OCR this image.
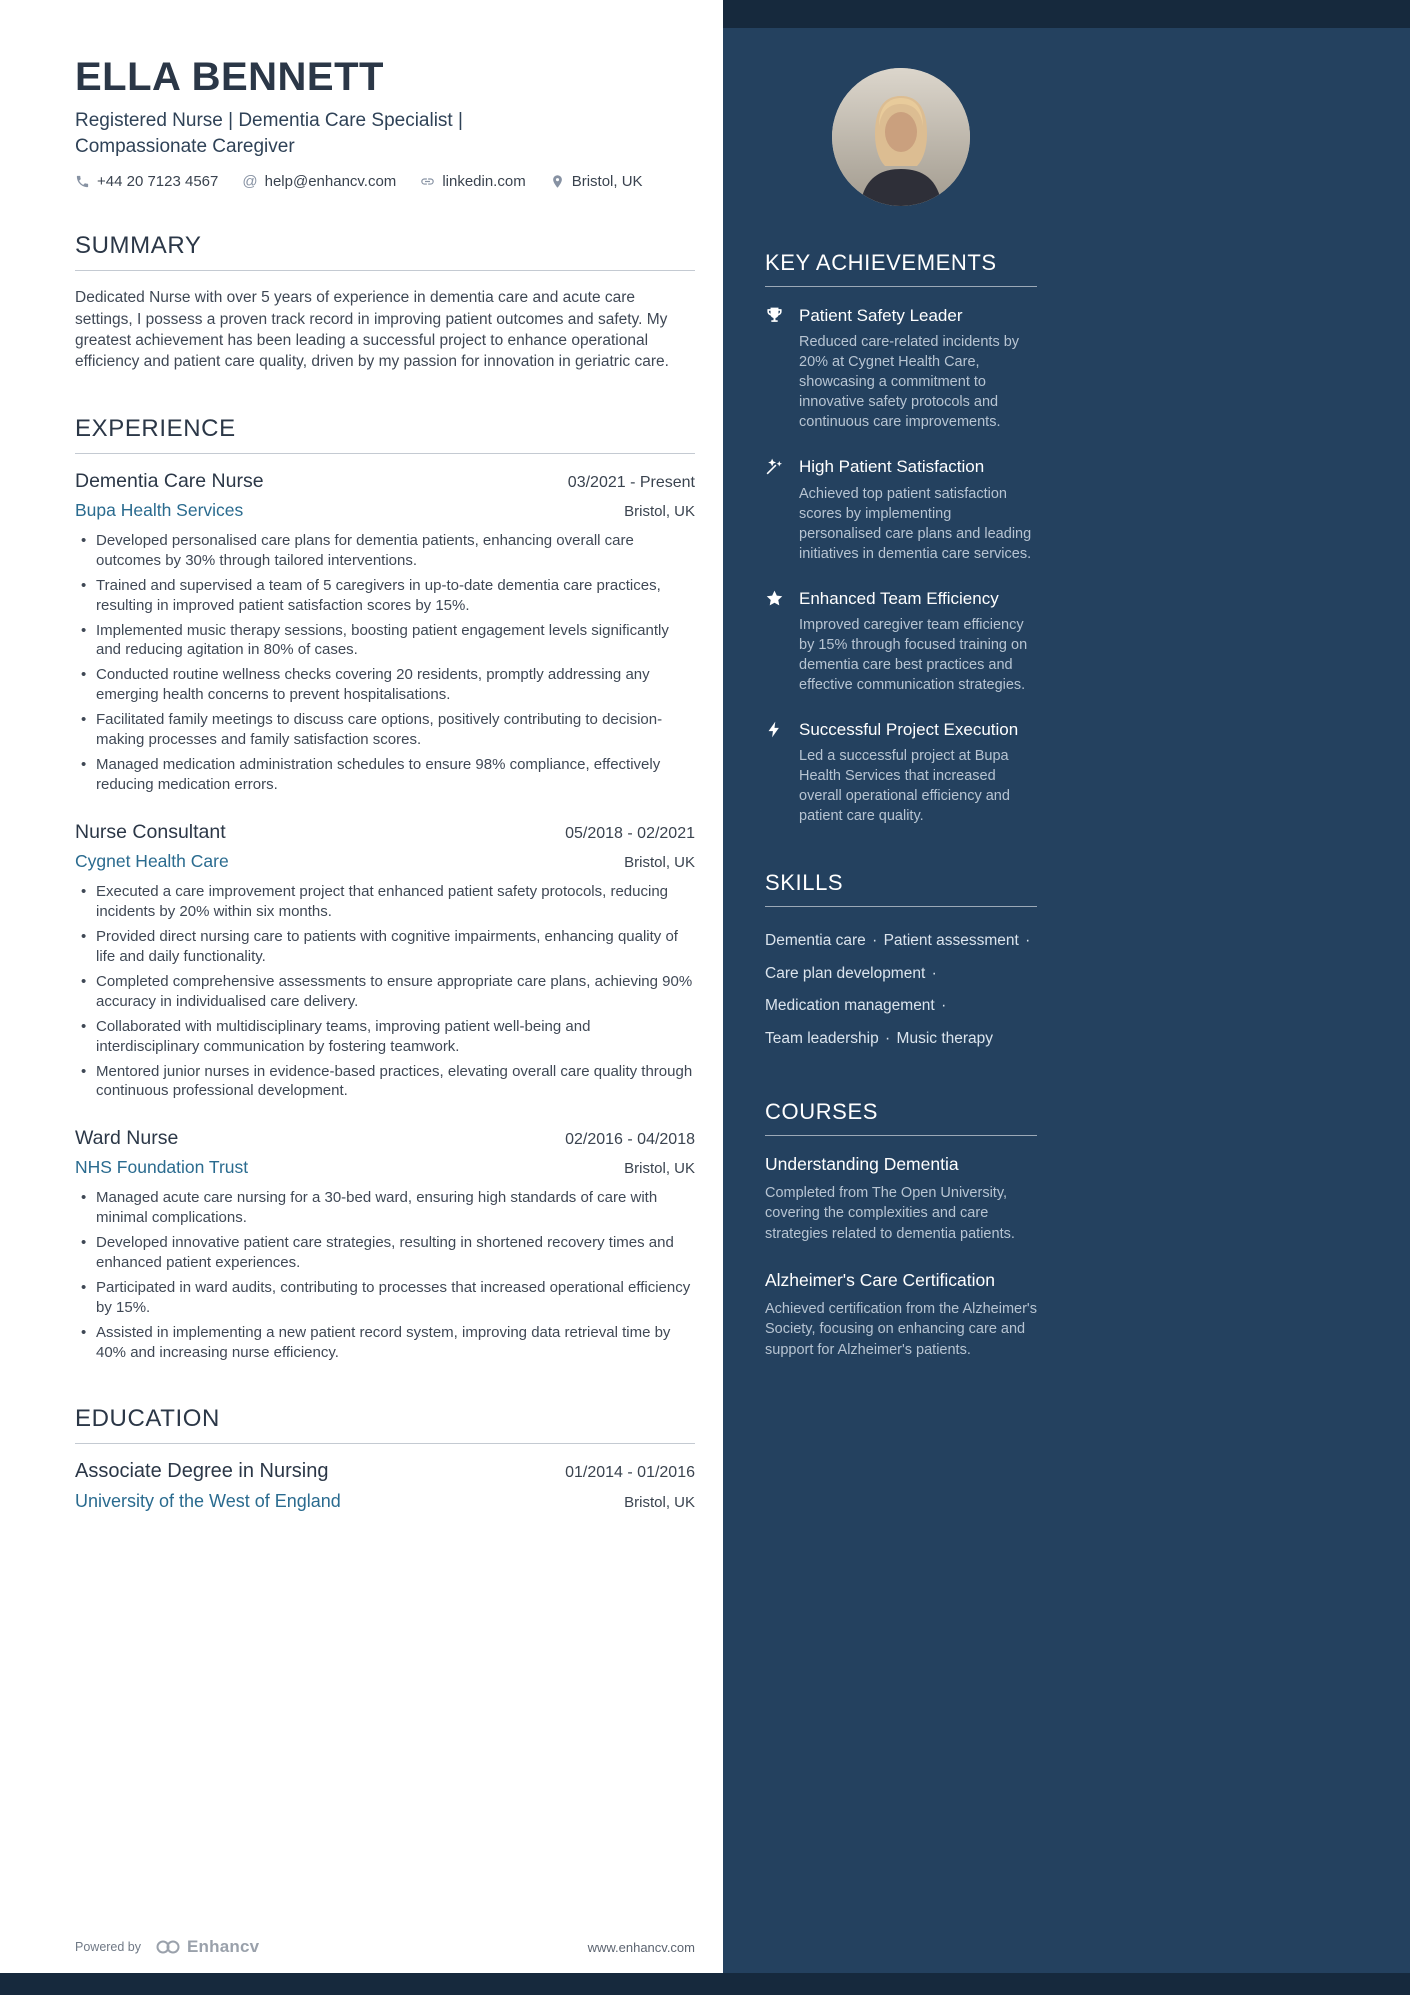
KEY ACHIEVEMENTS
Patient Safety Leader
Reduced care-related incidents by 20% at Cygnet Health Care, showcasing a commitment to innovative safety protocols and continuous care improvements.
High Patient Satisfaction
Achieved top patient satisfaction scores by implementing personalised care plans and leading initiatives in dementia care services.
Enhanced Team Efficiency
Improved caregiver team efficiency by 15% through focused training on dementia care best practices and effective communication strategies.
Successful Project Execution
Led a successful project at Bupa Health Services that increased overall operational efficiency and patient care quality.
SKILLS
Dementia care · Patient assessment · Care plan development · Medication management · Team leadership · Music therapy
COURSES
Understanding Dementia
Completed from The Open University, covering the complexities and care strategies related to dementia patients.
Alzheimer's Care Certification
Achieved certification from the Alzheimer's Society, focusing on enhancing care and support for Alzheimer's patients.
ELLA BENNETT
Registered Nurse | Dementia Care Specialist | Compassionate Caregiver
+44 20 7123 4567 @ help@enhancv.com	linkedin.com	Bristol, UK
SUMMARY

Dedicated Nurse with over 5 years of experience in dementia care and acute care settings, I possess a proven track record in improving patient outcomes and safety. My greatest achievement has been leading a successful project to enhance operational efficiency and patient care quality, driven by my passion for innovation in geriatric care.

EXPERIENCE
Dementia Care Nurse	03/2021 - Present
Bupa Health Services	Bristol, UK
• Developed personalised care plans for dementia patients, enhancing overall care outcomes by 30% through tailored interventions.
• Trained and supervised a team of 5 caregivers in up-to-date dementia care practices, resulting in improved patient satisfaction scores by 15%.
• Implemented music therapy sessions, boosting patient engagement levels significantly and reducing agitation in 80% of cases.
• Conducted routine wellness checks covering 20 residents, promptly addressing any emerging health concerns to prevent hospitalisations.
• Facilitated family meetings to discuss care options, positively contributing to decision-making processes and family satisfaction scores.
• Managed medication administration schedules to ensure 98% compliance, effectively reducing medication errors.
Nurse Consultant	05/2018 - 02/2021
Cygnet Health Care	Bristol, UK
• Executed a care improvement project that enhanced patient safety protocols, reducing incidents by 20% within six months.
• Provided direct nursing care to patients with cognitive impairments, enhancing quality of life and daily functionality.
• Completed comprehensive assessments to ensure appropriate care plans, achieving 90% accuracy in individualised care delivery.
• Collaborated with multidisciplinary teams, improving patient well-being and interdisciplinary communication by fostering teamwork.
• Mentored junior nurses in evidence-based practices, elevating overall care quality through continuous professional development.
Ward Nurse	02/2016 - 04/2018
NHS Foundation Trust	Bristol, UK
• Managed acute care nursing for a 30-bed ward, ensuring high standards of care with minimal complications.
• Developed innovative patient care strategies, resulting in shortened recovery times and enhanced patient experiences.
• Participated in ward audits, contributing to processes that increased operational efficiency by 15%.
• Assisted in implementing a new patient record system, improving data retrieval time by 40% and increasing nurse efficiency.
EDUCATION
Associate Degree in Nursing	01/2014 - 01/2016
University of the West of England	Bristol, UK
Powered by	Enhancv	www.enhancv.com
